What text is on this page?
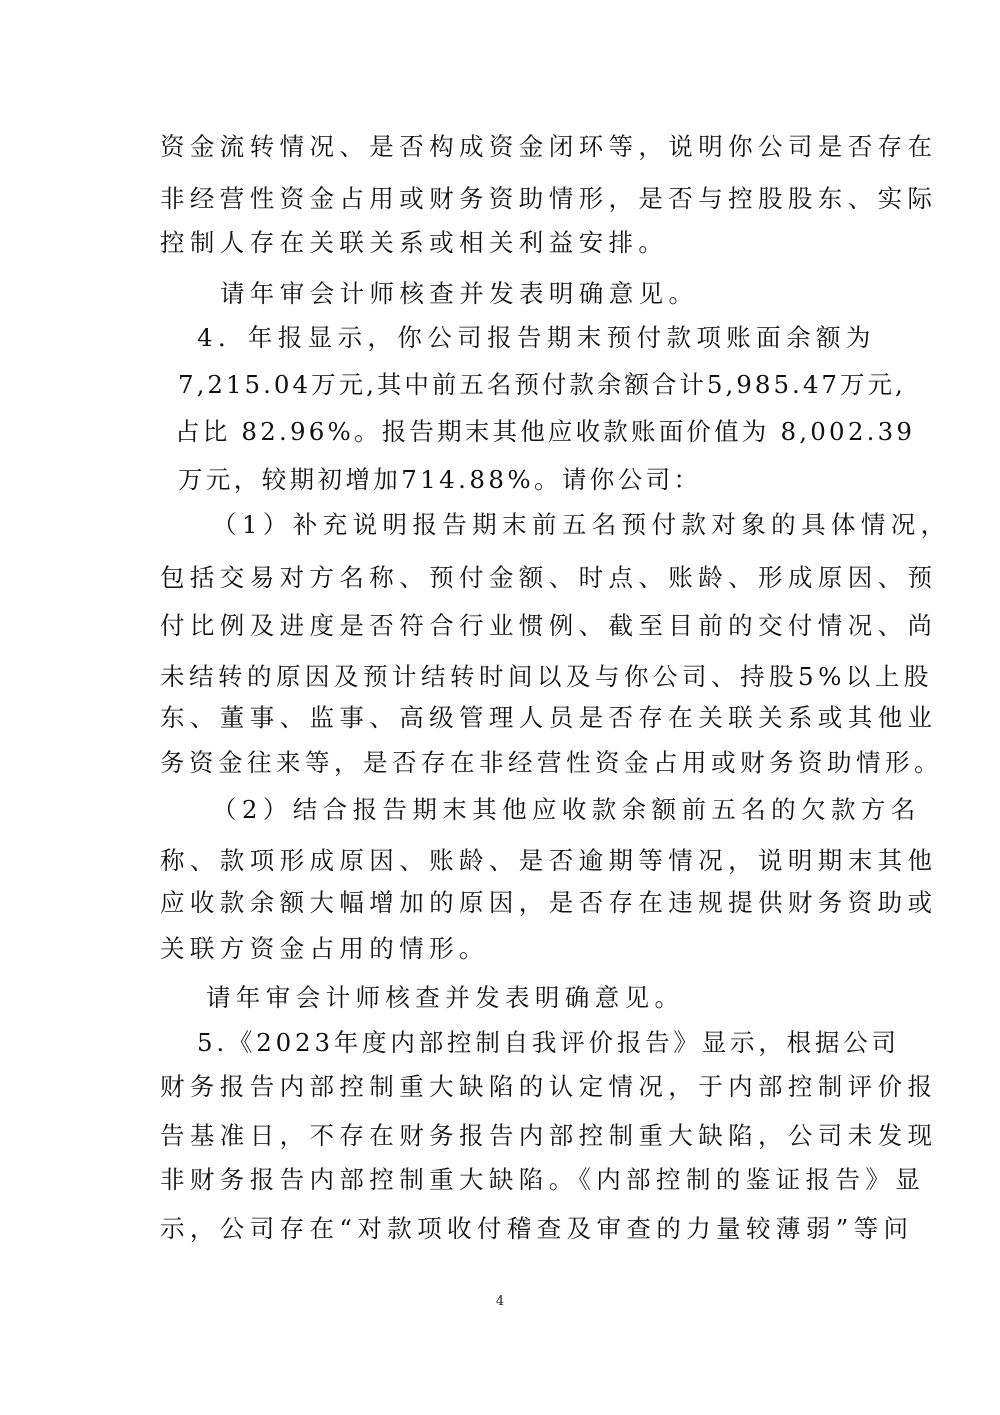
资金流转情况、是否构成资金闭环等，说明你公司是否存在
非经营性资金占用或财务资助情形，是否与控股股东、实际
控制人存在关联关系或相关利益安排。
请年审会计师核查并发表明确意见。
4．年报显示，你公司报告期末预付款项账面余额为
7,215.04万元,其中前五名预付款余额合计5,985.47万元,
占比 82.96%。报告期末其他应收款账面价值为 8,002.39
万元，较期初增加714.88%。请你公司：
（1）补充说明报告期末前五名预付款对象的具体情况，
包括交易对方名称、预付金额、时点、账龄、形成原因、预
付比例及进度是否符合行业惯例、截至目前的交付情况、尚
未结转的原因及预计结转时间以及与你公司、持股5%以上股
东、董事、监事、高级管理人员是否存在关联关系或其他业
务资金往来等，是否存在非经营性资金占用或财务资助情形。
（2）结合报告期末其他应收款余额前五名的欠款方名
称、款项形成原因、账龄、是否逾期等情况，说明期末其他
应收款余额大幅增加的原因，是否存在违规提供财务资助或
关联方资金占用的情形。
请年审会计师核查并发表明确意见。
5.《2023年度内部控制自我评价报告》显示，根据公司
财务报告内部控制重大缺陷的认定情况，于内部控制评价报
告基准日，不存在财务报告内部控制重大缺陷，公司未发现
非财务报告内部控制重大缺陷。《内部控制的鉴证报告》显
示，公司存在“对款项收付稽查及审查的力量较薄弱”等问
4
